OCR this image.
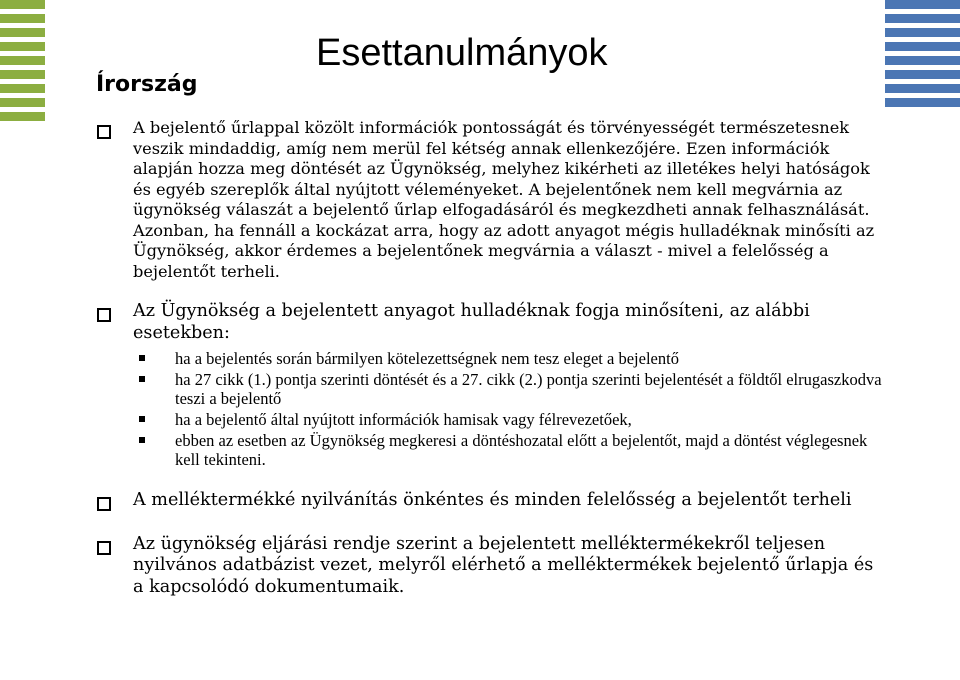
Írország
Esettanulmányok
A bejelentő űrlappal közölt információk pontosságát és törvényességét természetesnek veszik mindaddig, amíg nem merül fel kétség annak ellenkezőjére. Ezen információk alapján hozza meg döntését az Ügynökség, melyhez kikérheti az illetékes helyi hatóságok és egyéb szereplők által nyújtott véleményeket. A bejelentőnek nem kell megvárnia az ügynökség válaszát a bejelentő űrlap elfogadásáról és megkezdheti annak felhasználását. Azonban, ha fennáll a kockázat arra, hogy az adott anyagot mégis hulladéknak minősíti az Ügynökség, akkor érdemes a bejelentőnek megvárnia a választ - mivel a felelősség a bejelentőt terheli.
Az Ügynökség a bejelentett anyagot hulladéknak fogja minősíteni, az alábbi esetekben:
ha a bejelentés során bármilyen kötelezettségnek nem tesz eleget a bejelentő
ha 27 cikk (1.) pontja szerinti döntését és a 27. cikk (2.) pontja szerinti bejelentését a földtől elrugaszkodva teszi a bejelentő
ha a bejelentő által nyújtott információk hamisak vagy félrevezetőek,
ebben az esetben az Ügynökség megkeresi a döntéshozatal előtt a bejelentőt, majd a döntést véglegesnek kell tekinteni.
A melléktermékké nyilvánítás önkéntes és minden felelősség a bejelentőt terheli
Az ügynökség eljárási rendje szerint a bejelentett melléktermékekről teljesen nyilvános adatbázist vezet, melyről elérhető a melléktermékek bejelentő űrlapja és a kapcsolódó dokumentumaik.
